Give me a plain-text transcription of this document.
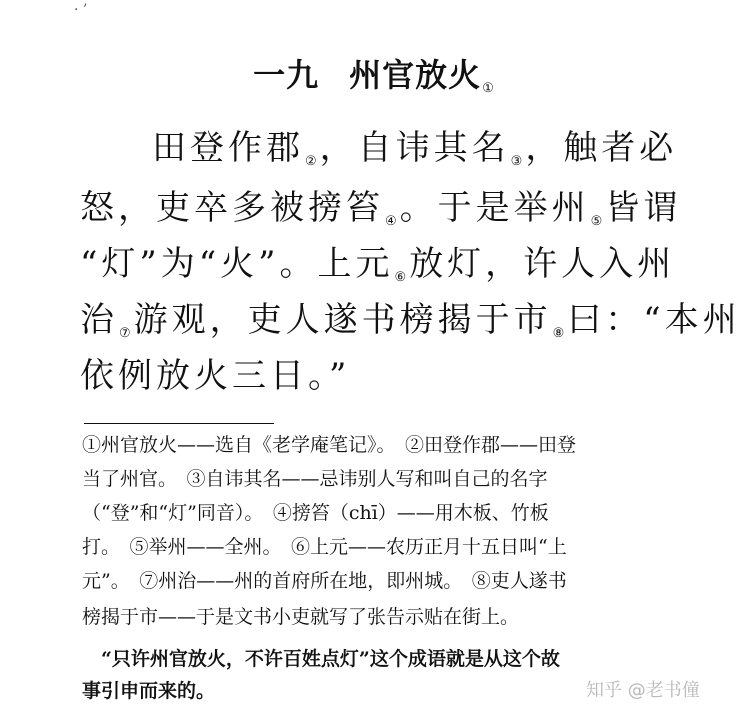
· ’
一九 州官放火$_①$
田登作郡②，自讳其名③，触者必
怒，吏卒多被搒笞④。于是举州⑤皆谓
“灯”为“火”。上元⑥放灯，许人入州
治⑦游观，吏人遂书榜揭于市⑧曰：“本州
依例放火三日。”
①州官放火——选自《老学庵笔记》。　②田登作郡——田登
当了州官。　③自讳其名——忌讳别人写和叫自己的名字
（“登”和“灯”同音）。　④搒笞（chī）——用木板、竹板
打。　⑤举州——全州。　⑥上元——农历正月十五日叫“上
元”。　⑦州治——州的首府所在地，即州城。　⑧吏人遂书
榜揭于市——于是文书小吏就写了张告示贴在街上。
　“只许州官放火，不许百姓点灯”这个成语就是从这个故
事引申而来的。	知乎 @老书僮
